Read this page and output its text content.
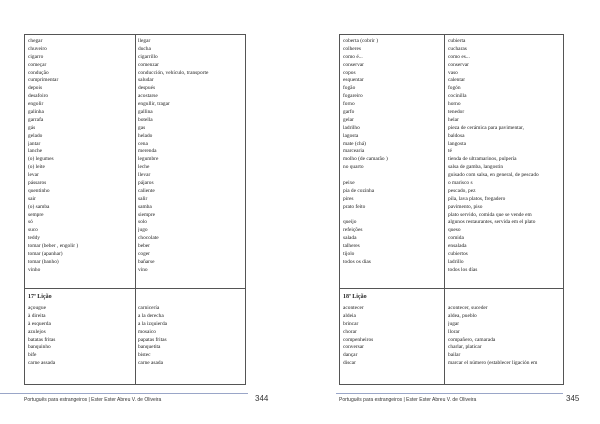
chegar
chuveiro
cigarro
começar
condução
cumprimentar
depois
desafoiro
engolir
galinha
garrafa
gás
gelado
jantar
lanche
(o) legumes
(o) leite
levar
pássaros
quentinho
sair
(o) samba
sempre
só
suco
teddy
tomar (beber , engolir )
tomar (apanhar)
tomar (banho)
vinho
llegar
ducha
cigarrillo
comenzar
conducción, vehículo, transporte
saludar
después
acostarse
engullir, tragar
gallina
botella
gas
helado
cena
merenda
legumbre
leche
llevar
pájaros
caliente
salir
samba
siempre
solo
jugo
chocolate
beber
coger
bañarse
vino
17ª Lição
açougue
à direita
à esquerda
azulejos
batatas fritas
banquinho
bife
carne assada

carnicería
a la derecha
a la izquierda
mosaico
papatas fritas
banquetita
bistec
carne asada
Português para estrangeiros | Ester Ester Abreu V. de Oliveira	344
coberta (cobrir )
colheres
como é...
conservar
copos
esquentar
fogão
fogareiro
forno
garfo
gelar
ladrilho
lagosta
mate (chá)
marcearia
molho (de camarão )
no quarto
peixe
pia de cozinha
pires
prato feito
queijo
refeições
salada
talheres
tijolo
todos os dias
cubierta
cucharas
como es...
conservar
vaso
calentar
fogón
cocinilla
horno
tenedor
helar
pieza de cerámica para pavimentar,
baldosa
langosta
té
tienda de ultramarinos, pulpería
salsa de gamba, langostin
guisado com salsa, en general, de pescado
o marisco s
pescado, pez
pila, lava platos, fregadero
pavimento, piso
plato servido, comida que se vende em
algunos restaurantes, servida em el plato
queso
comida
ensalada
cubiertos
ladrillo
todos los días
18ª Lição
acontecer
aldeia
brincar
chorar
compenheiros
conversar
dançar
discar

acontecer, suceder
aldea, pueblo
jugar
llorar
compañero, camarada
charlar, platicar
bailar
marcar el número (establecer ligación em
Português para estrangeiros | Ester Ester Abreu V. de Oliveira	345
